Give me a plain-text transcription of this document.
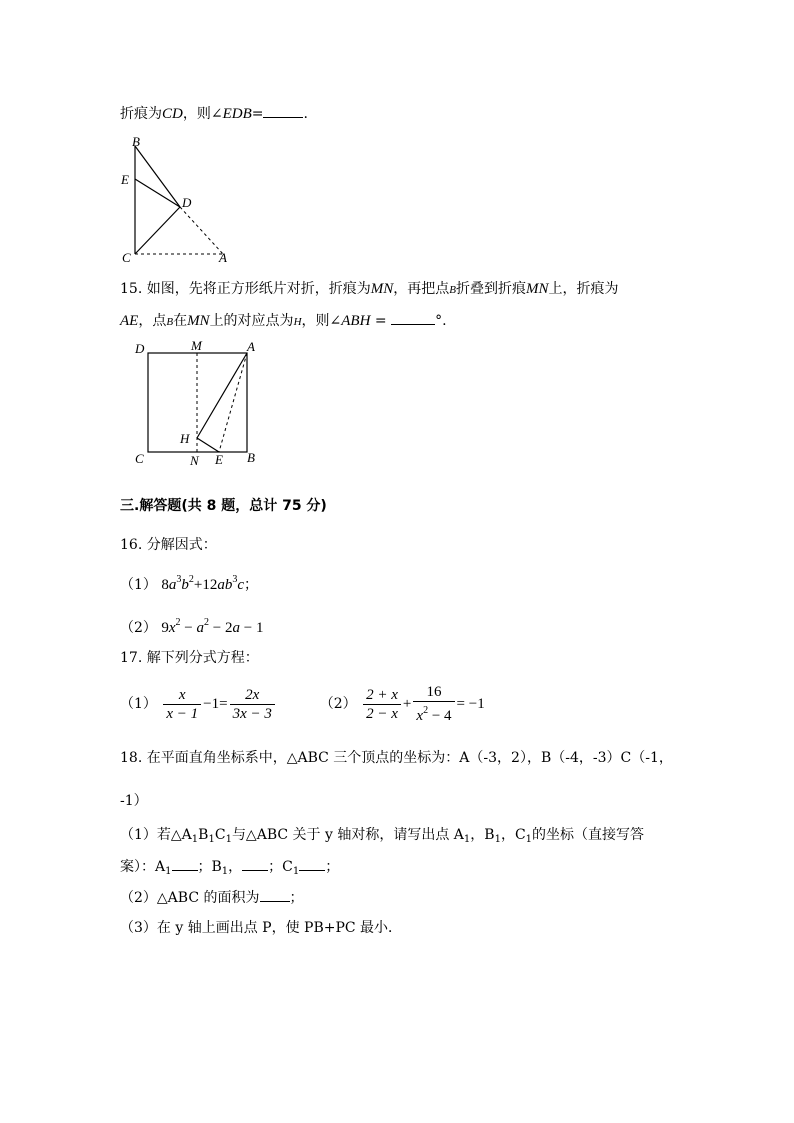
折痕为CD，则∠EDB=	.
B
E
D
C	A
15. 如图，先将正方形纸片对折，折痕为MN，再把点B折叠到折痕MN上，折痕为
AE，点B在MN上的对应点为H，则∠ABH =	°.
D	M	A
H
C	N E B
三.解答题(共 8 题，总计 75 分)
16. 分解因式：
（1） $8a^3b^2+12ab^3c$；
（2） $9x^2 - a^2 - 2a - 1$
17. 解下列分式方程：
$(1) \frac{x}{x - 1} -1= \frac{2x}{3x - 3}$	$(2) \frac{2 + x}{2 - x} + \frac{16}{x^2 - 4} = -1$
18. 在平面直角坐标系中，△ABC 三个顶点的坐标为：A（-3，2），B（-4，-3）C（-1，
-1）
（1）若$\triangle A_1B_1C_1$与△ABC 关于 y 轴对称，请写出点 $A_1$，$B_1$，$C_1$的坐标（直接写答
案）：$A_1$ ；$B_1$， ；$C_1$ ；
（2）△ABC 的面积为 ；
（3）在 y 轴上画出点 P，使 PB+PC 最小．
